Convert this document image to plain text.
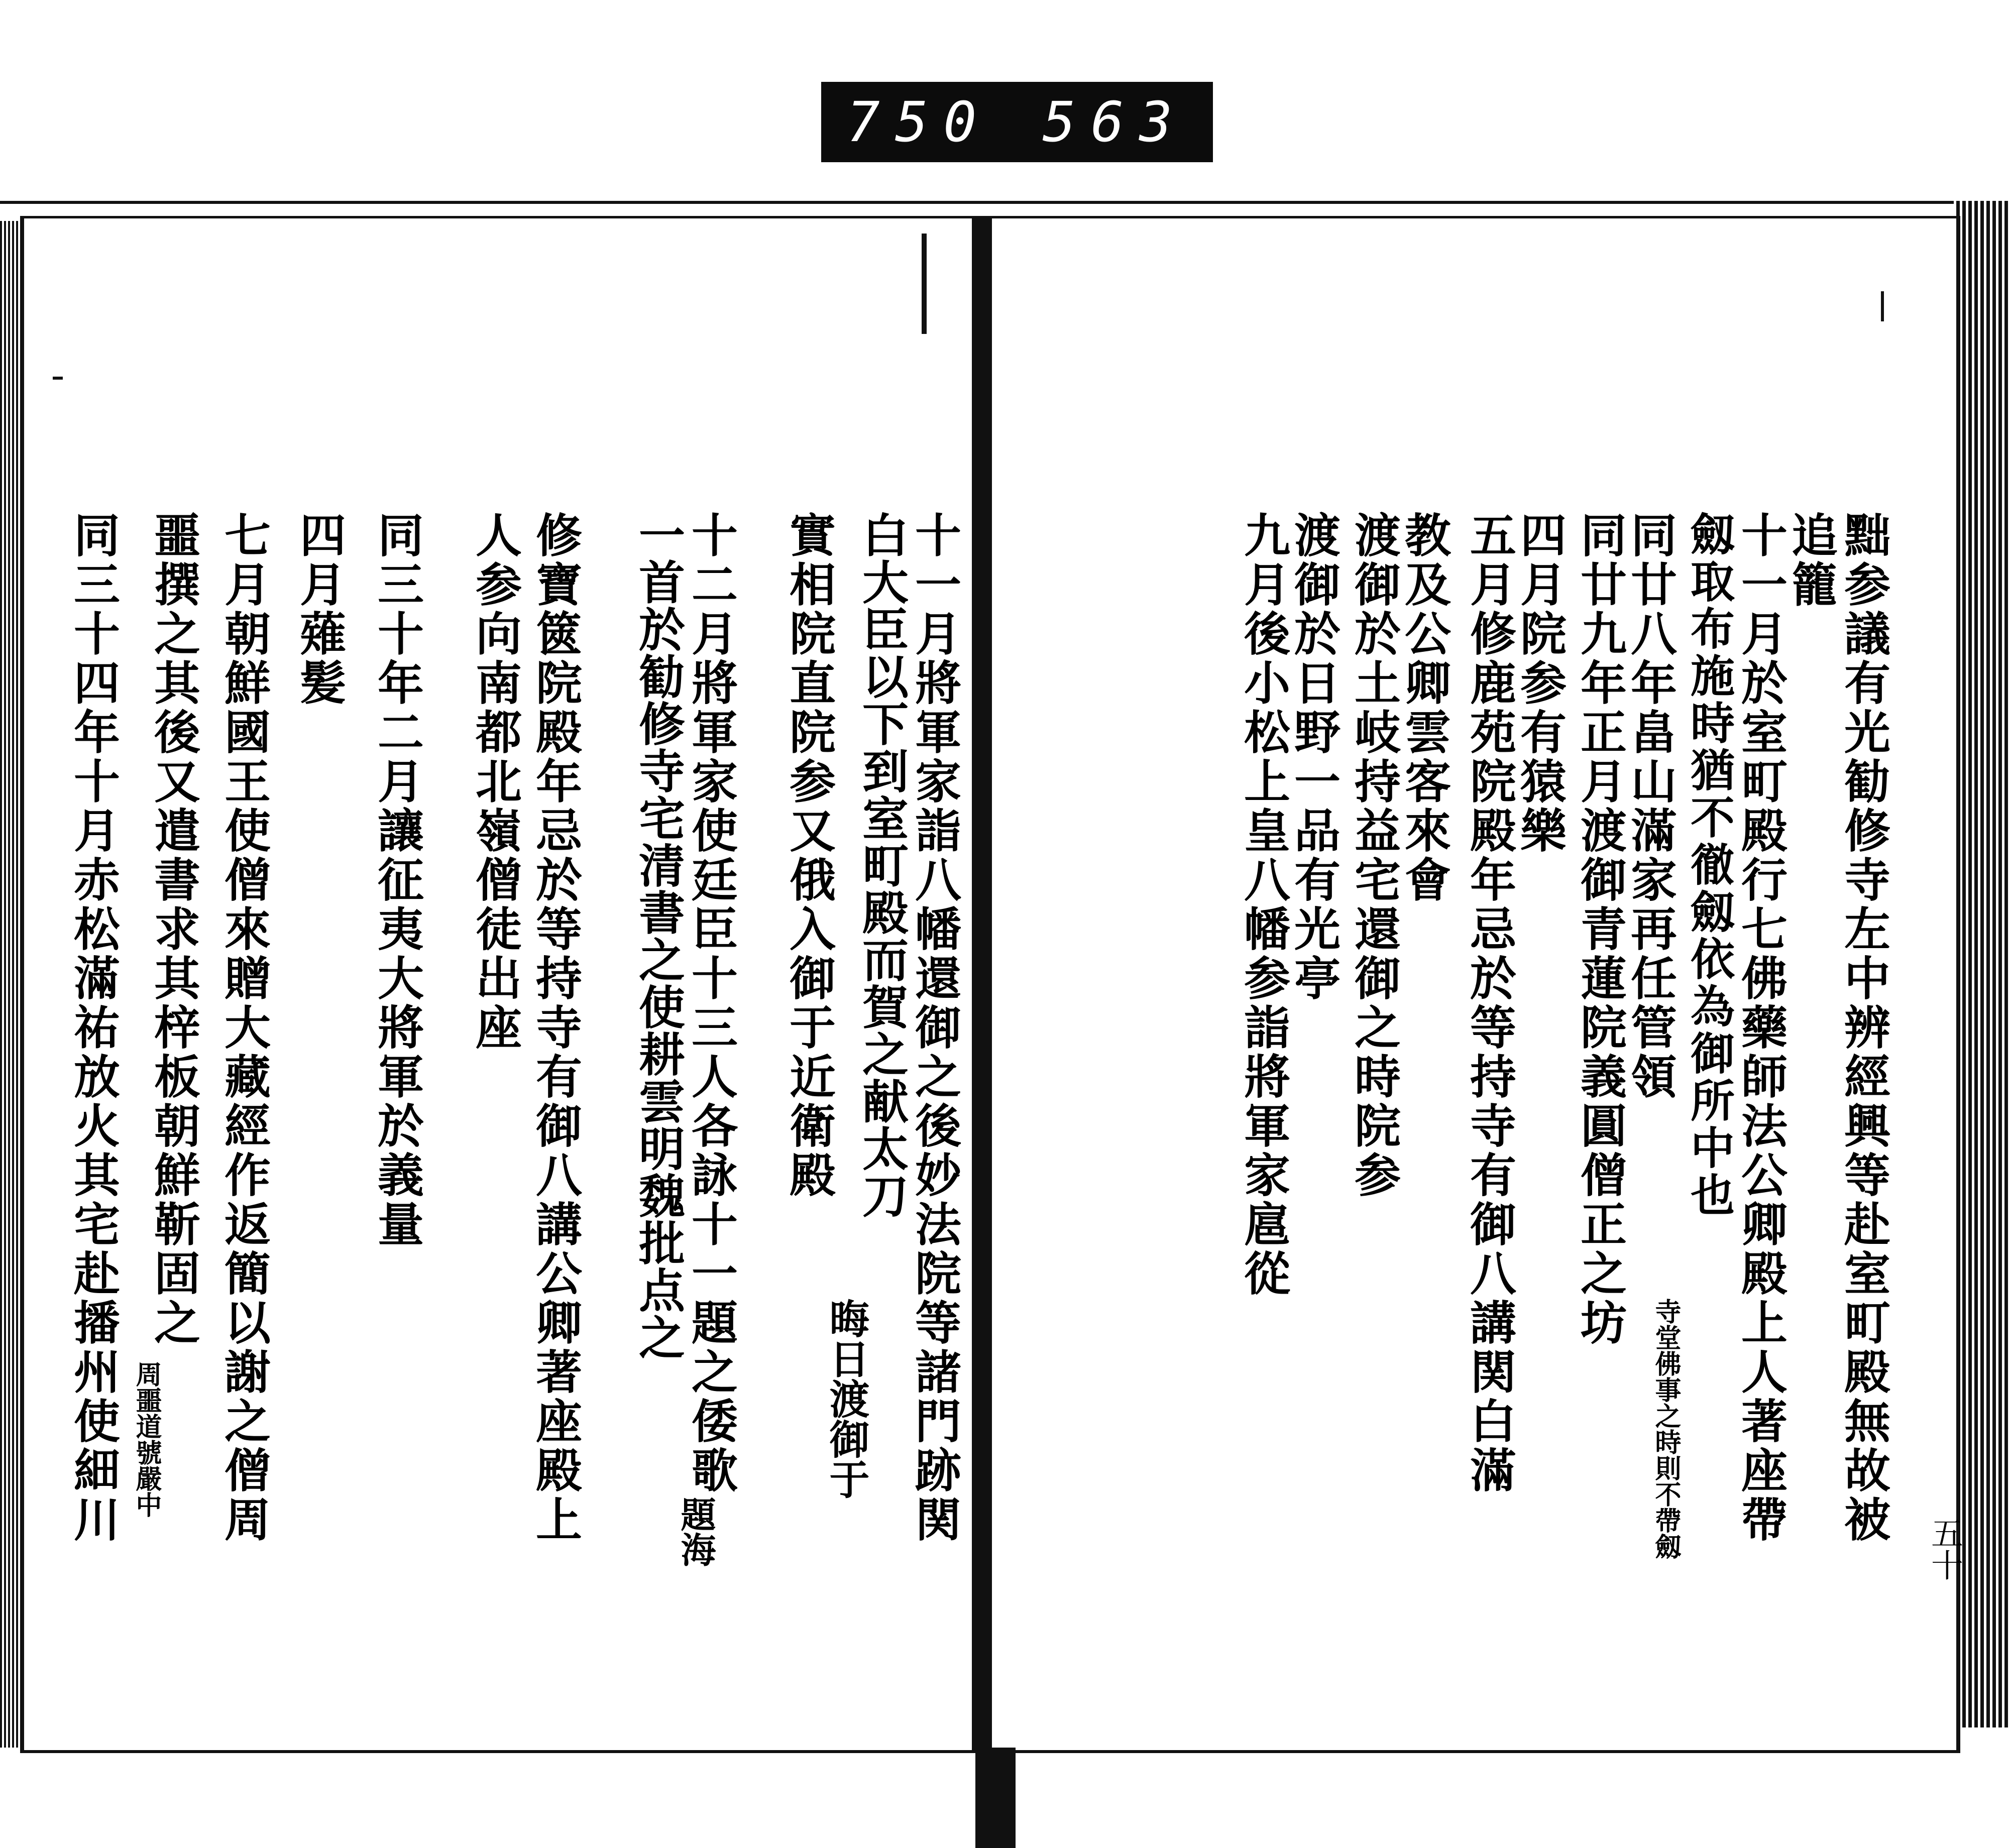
750 563
黜参議有光勧修寺左中辨經興等赴室町殿無故被
追籠
十一月於室町殿行七佛藥師法公卿殿上人著座帶
劔取布施時猶不徹劔依為御所中也
同廿八年畠山滿家再任管領
同廿九年正月渡御青蓮院義圓僧正之坊
四月院参有猿樂
五月修鹿苑院殿年忌於等持寺有御八講関白滿
教及公卿雲客來會
渡御於土岐持益宅還御之時院参
渡御於日野一品有光亭
九月後小松上皇八幡参詣將軍家扈從
寺堂佛事之時則不帶劔	五十
十一月將軍家詣八幡還御之後妙法院等諸門跡関
白大臣以下到室町殿而賀之献太刀
實相院直院参又俄入御于近衛殿
十二月將軍家使廷臣十三人各詠十一題之倭歌
一首於勧修寺宅清書之使耕雲明魏批点之
修寶篋院殿年忌於等持寺有御八講公卿著座殿上
人参向南都北嶺僧徒出座
同三十年二月讓征夷大將軍於義量
四月薙髪
七月朝鮮國王使僧來贈大藏經作返簡以謝之僧周
噩撰之其後又遣書求其梓板朝鮮靳固之
同三十四年十月赤松滿祐放火其宅赴播州使細川	晦日渡御于
題海
周噩道號嚴中
